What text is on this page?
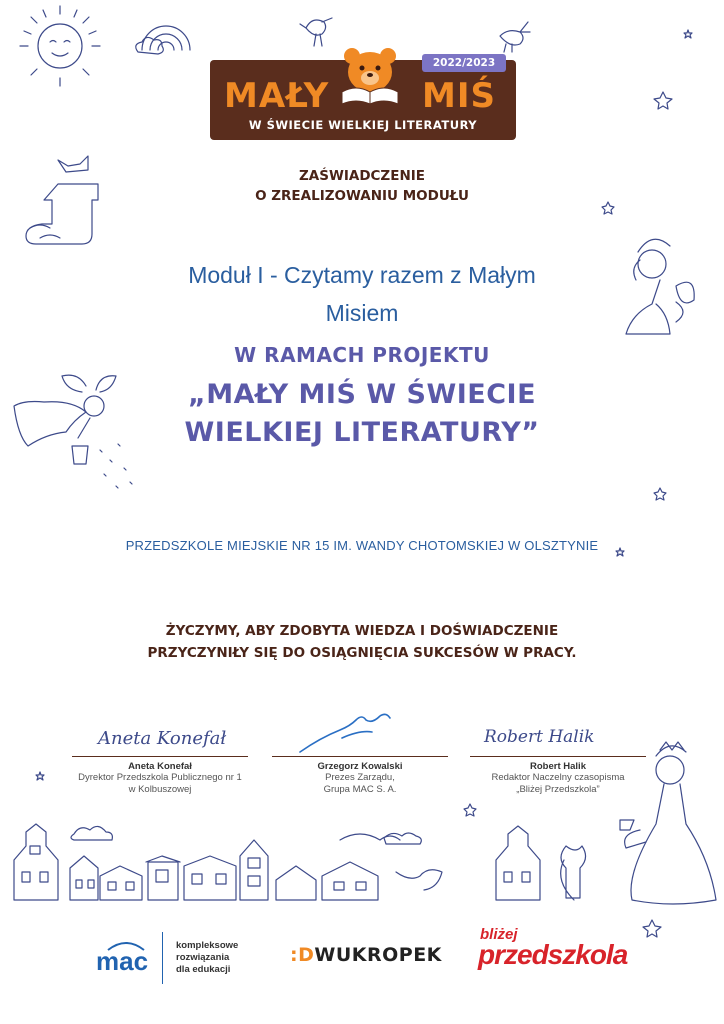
2022/2023
MAŁY	MIŚ
W ŚWIECIE WIELKIEJ LITERATURY
ZAŚWIADCZENIE
O ZREALIZOWANIU MODUŁU
Moduł I - Czytamy razem z Małym
Misiem
W RAMACH PROJEKTU
„MAŁY MIŚ W ŚWIECIE
WIELKIEJ LITERATURY”
PRZEDSZKOLE MIEJSKIE NR 15 IM. WANDY CHOTOMSKIEJ W OLSZTYNIE
ŻYCZYMY, ABY ZDOBYTA WIEDZA I DOŚWIADCZENIE
PRZYCZYNIŁY SIĘ DO OSIĄGNIĘCIA SUKCESÓW W PRACY.
Aneta Konefał
Aneta Konefał
Dyrektor Przedszkola Publicznego nr 1
w Kolbuszowej
Grzegorz Kowalski
Prezes Zarządu,
Grupa MAC S. A.
Robert Halik
Robert Halik
Redaktor Naczelny czasopisma
„Bliżej Przedszkola”
mac
kompleksowe
rozwiązania
dla edukacji
:DWUKROPEK
bliżej
przedszkola
